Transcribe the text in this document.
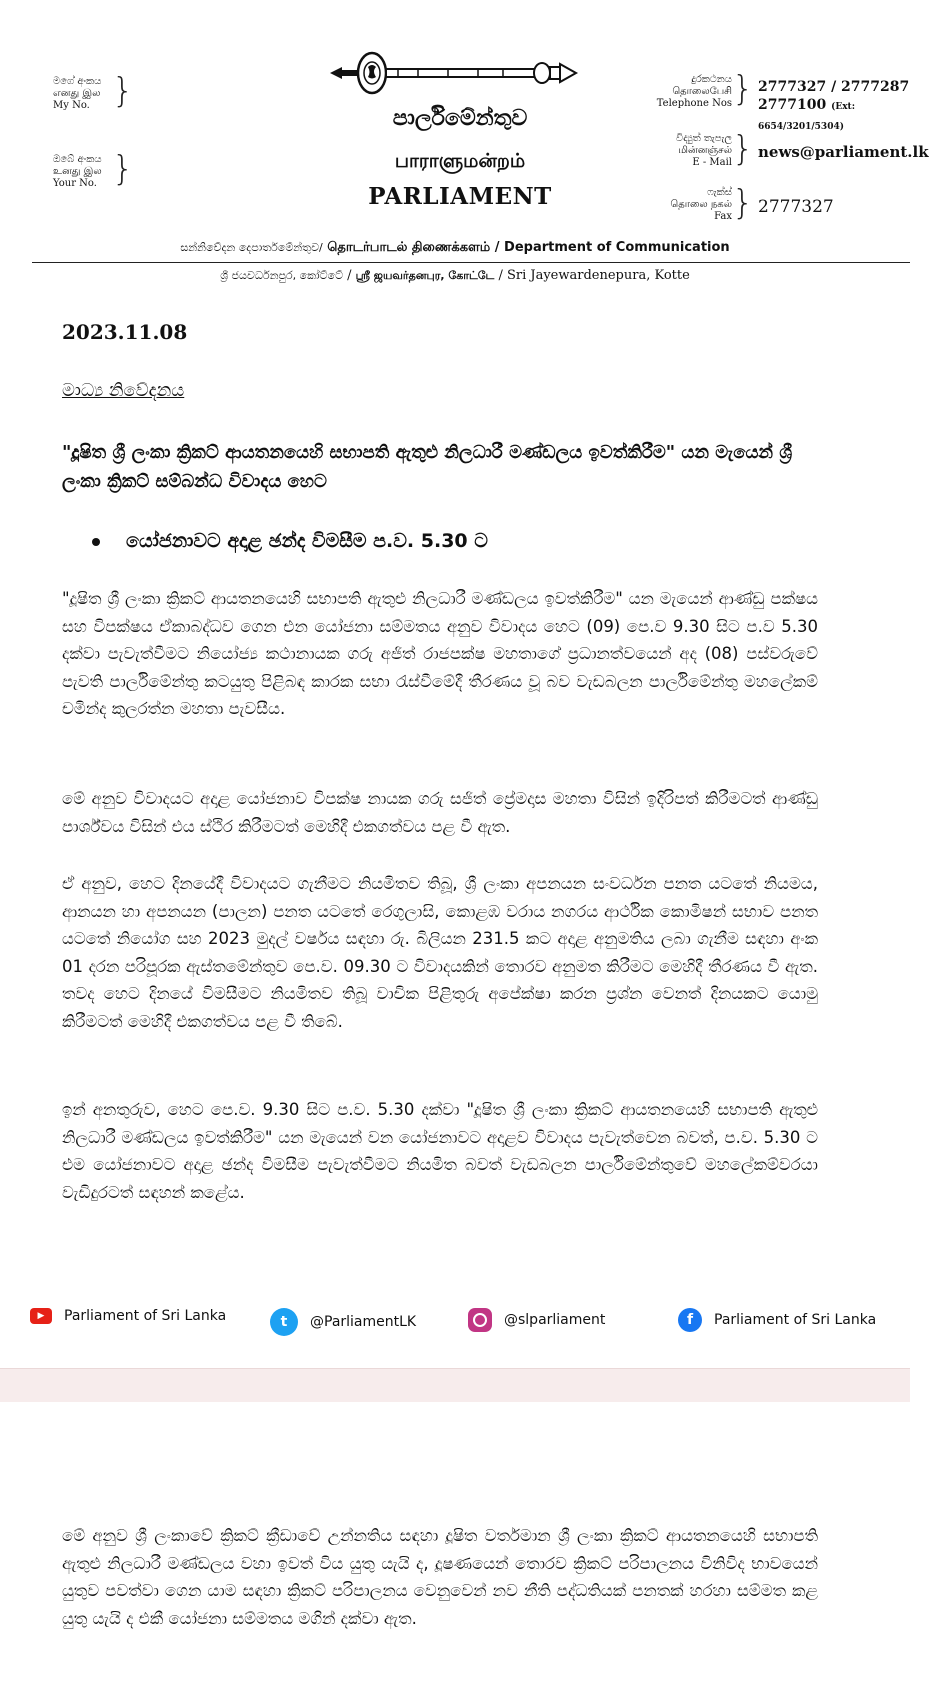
මගේ අංකය
எனது இல
My No. }
ඔබේ අංකය
உனது இல
Your No. }
පාර්ලිමේන්තුව
பாராளுமன்றம்
PARLIAMENT
දුරකථනය
தொலைபேசி
Telephone Nos } 2777327 / 2777287
2777100 (Ext: 6654/3201/5304)
විද්‍යුත් තැපැල
மின்னஞ்சல்
E - Mail } news@parliament.lk
ෆැක්ස්
தொலை நகல்
Fax } 2777327
සන්නිවේදන දෙපාර්තමේන්තුව/ தொடர்பாடல் திணைக்களம் / Department of Communication
ශ්‍රී ජයවර්ධනපුර, කෝට්ටේ / ஸ்ரீ ஜயவர்தனபுர, கோட்டே / Sri Jayewardenepura, Kotte
2023.11.08
මාධ්‍ය නිවේදනය
"දූෂිත ශ්‍රී ලංකා ක්‍රිකට් ආයතනයෙහි සභාපති ඇතුළු නිලධාරී මණ්ඩලය ඉවත්කිරීම" යන මැයෙන් ශ්‍රී ලංකා ක්‍රිකට් සම්බන්ධ විවාදය හෙට
යෝජනාවට අදාළ ඡන්ද විමසීම ප.ව. 5.30 ට
"දූෂිත ශ්‍රී ලංකා ක්‍රිකට් ආයතනයෙහි සභාපති ඇතුළු නිලධාරී මණ්ඩලය ඉවත්කිරීම" යන මැයෙන් ආණ්ඩු පක්ෂය සහ විපක්ෂය ඒකාබද්ධව ගෙන එන යෝජනා සම්මතය අනුව විවාදය හෙට (09) පෙ.ව 9.30 සිට ප.ව 5.30 දක්වා පැවැත්වීමට නියෝජ්‍ය කථානායක ගරු අජිත් රාජපක්ෂ මහතාගේ ප්‍රධානත්වයෙන් අද (08) පස්වරුවේ පැවති පාර්ලිමේන්තු කටයුතු පිළිබඳ කාරක සභා රැස්වීමේදී තීරණය වූ බව වැඩබලන පාර්ලිමේන්තු මහලේකම් චමින්ද කුලරත්න මහතා පැවසීය.
මේ අනුව විවාදයට අදාළ යෝජනාව විපක්ෂ නායක ගරු සජිත් ප්‍රේමදාස මහතා විසින් ඉදිරිපත් කිරීමටත් ආණ්ඩු පාර්ශ්වය විසින් එය ස්ථිර කිරීමටත් මෙහිදී එකගත්වය පළ වී ඇත.
ඒ අනුව, හෙට දිනයේදී විවාදයට ගැනීමට නියමිතව තිබූ, ශ්‍රී ලංකා අපනයන සංවර්ධන පනත යටතේ නියමය, ආනයන හා අපනයන (පාලන) පනත යටතේ රෙගුලාසි, කොළඹ වරාය නගරය ආර්ථික කොමිෂන් සභාව පනත යටතේ නියෝග සහ 2023 මුදල් වර්ෂය සඳහා රු. බිලියන 231.5 කට අදාළ අනුමතිය ලබා ගැනීම සඳහා අංක 01 දරන පරිපූරක ඇස්තමේන්තුව පෙ.ව. 09.30 ට විවාදයකින් තොරව අනුමත කිරීමට මෙහිදී තීරණය වී ඇත. තවද හෙට දිනයේ විමසීමට නියමිතව තිබූ වාචික පිළිතුරු අපේක්ෂා කරන ප්‍රශ්න වෙනත් දිනයකට යොමු කිරීමටත් මෙහිදී එකගත්වය පළ වී තිබේ.
ඉන් අනතුරුව, හෙට පෙ.ව. 9.30 සිට ප.ව. 5.30 දක්වා "දූෂිත ශ්‍රී ලංකා ක්‍රිකට් ආයතනයෙහි සභාපති ඇතුළු නිලධාරී මණ්ඩලය ඉවත්කිරීම" යන මැයෙන් වන යෝජනාවට අදාළව විවාදය පැවැත්වෙන බවත්, ප.ව. 5.30 ට එම යෝජනාවට අදාළ ඡන්ද විමසීම පැවැත්වීමට නියමිත බවත් වැඩබලන පාර්ලිමේන්තුවේ මහලේකම්වරයා වැඩිදුරටත් සඳහන් කළේය.
▶	Parliament of Sri Lanka	t	@ParliamentLK	@slparliament	f	Parliament of Sri Lanka
මේ අනුව ශ්‍රී ලංකාවේ ක්‍රිකට් ක්‍රීඩාවේ උන්නතිය සඳහා දූෂිත වර්තමාන ශ්‍රී ලංකා ක්‍රිකට් ආයතනයෙහි සභාපති ඇතුළු නිලධාරී මණ්ඩලය වහා ඉවත් විය යුතු යැයි ද, දූෂණයෙන් තොරව ක්‍රිකට් පරිපාලනය විනිවිද භාවයෙන් යුතුව පවත්වා ගෙන යාම සඳහා ක්‍රිකට් පරිපාලනය වෙනුවෙන් නව නීති පද්ධතියක් පනතක් හරහා සම්මත කළ යුතු යැයි ද එකී යෝජනා සම්මතය මගින් දක්වා ඇත.
